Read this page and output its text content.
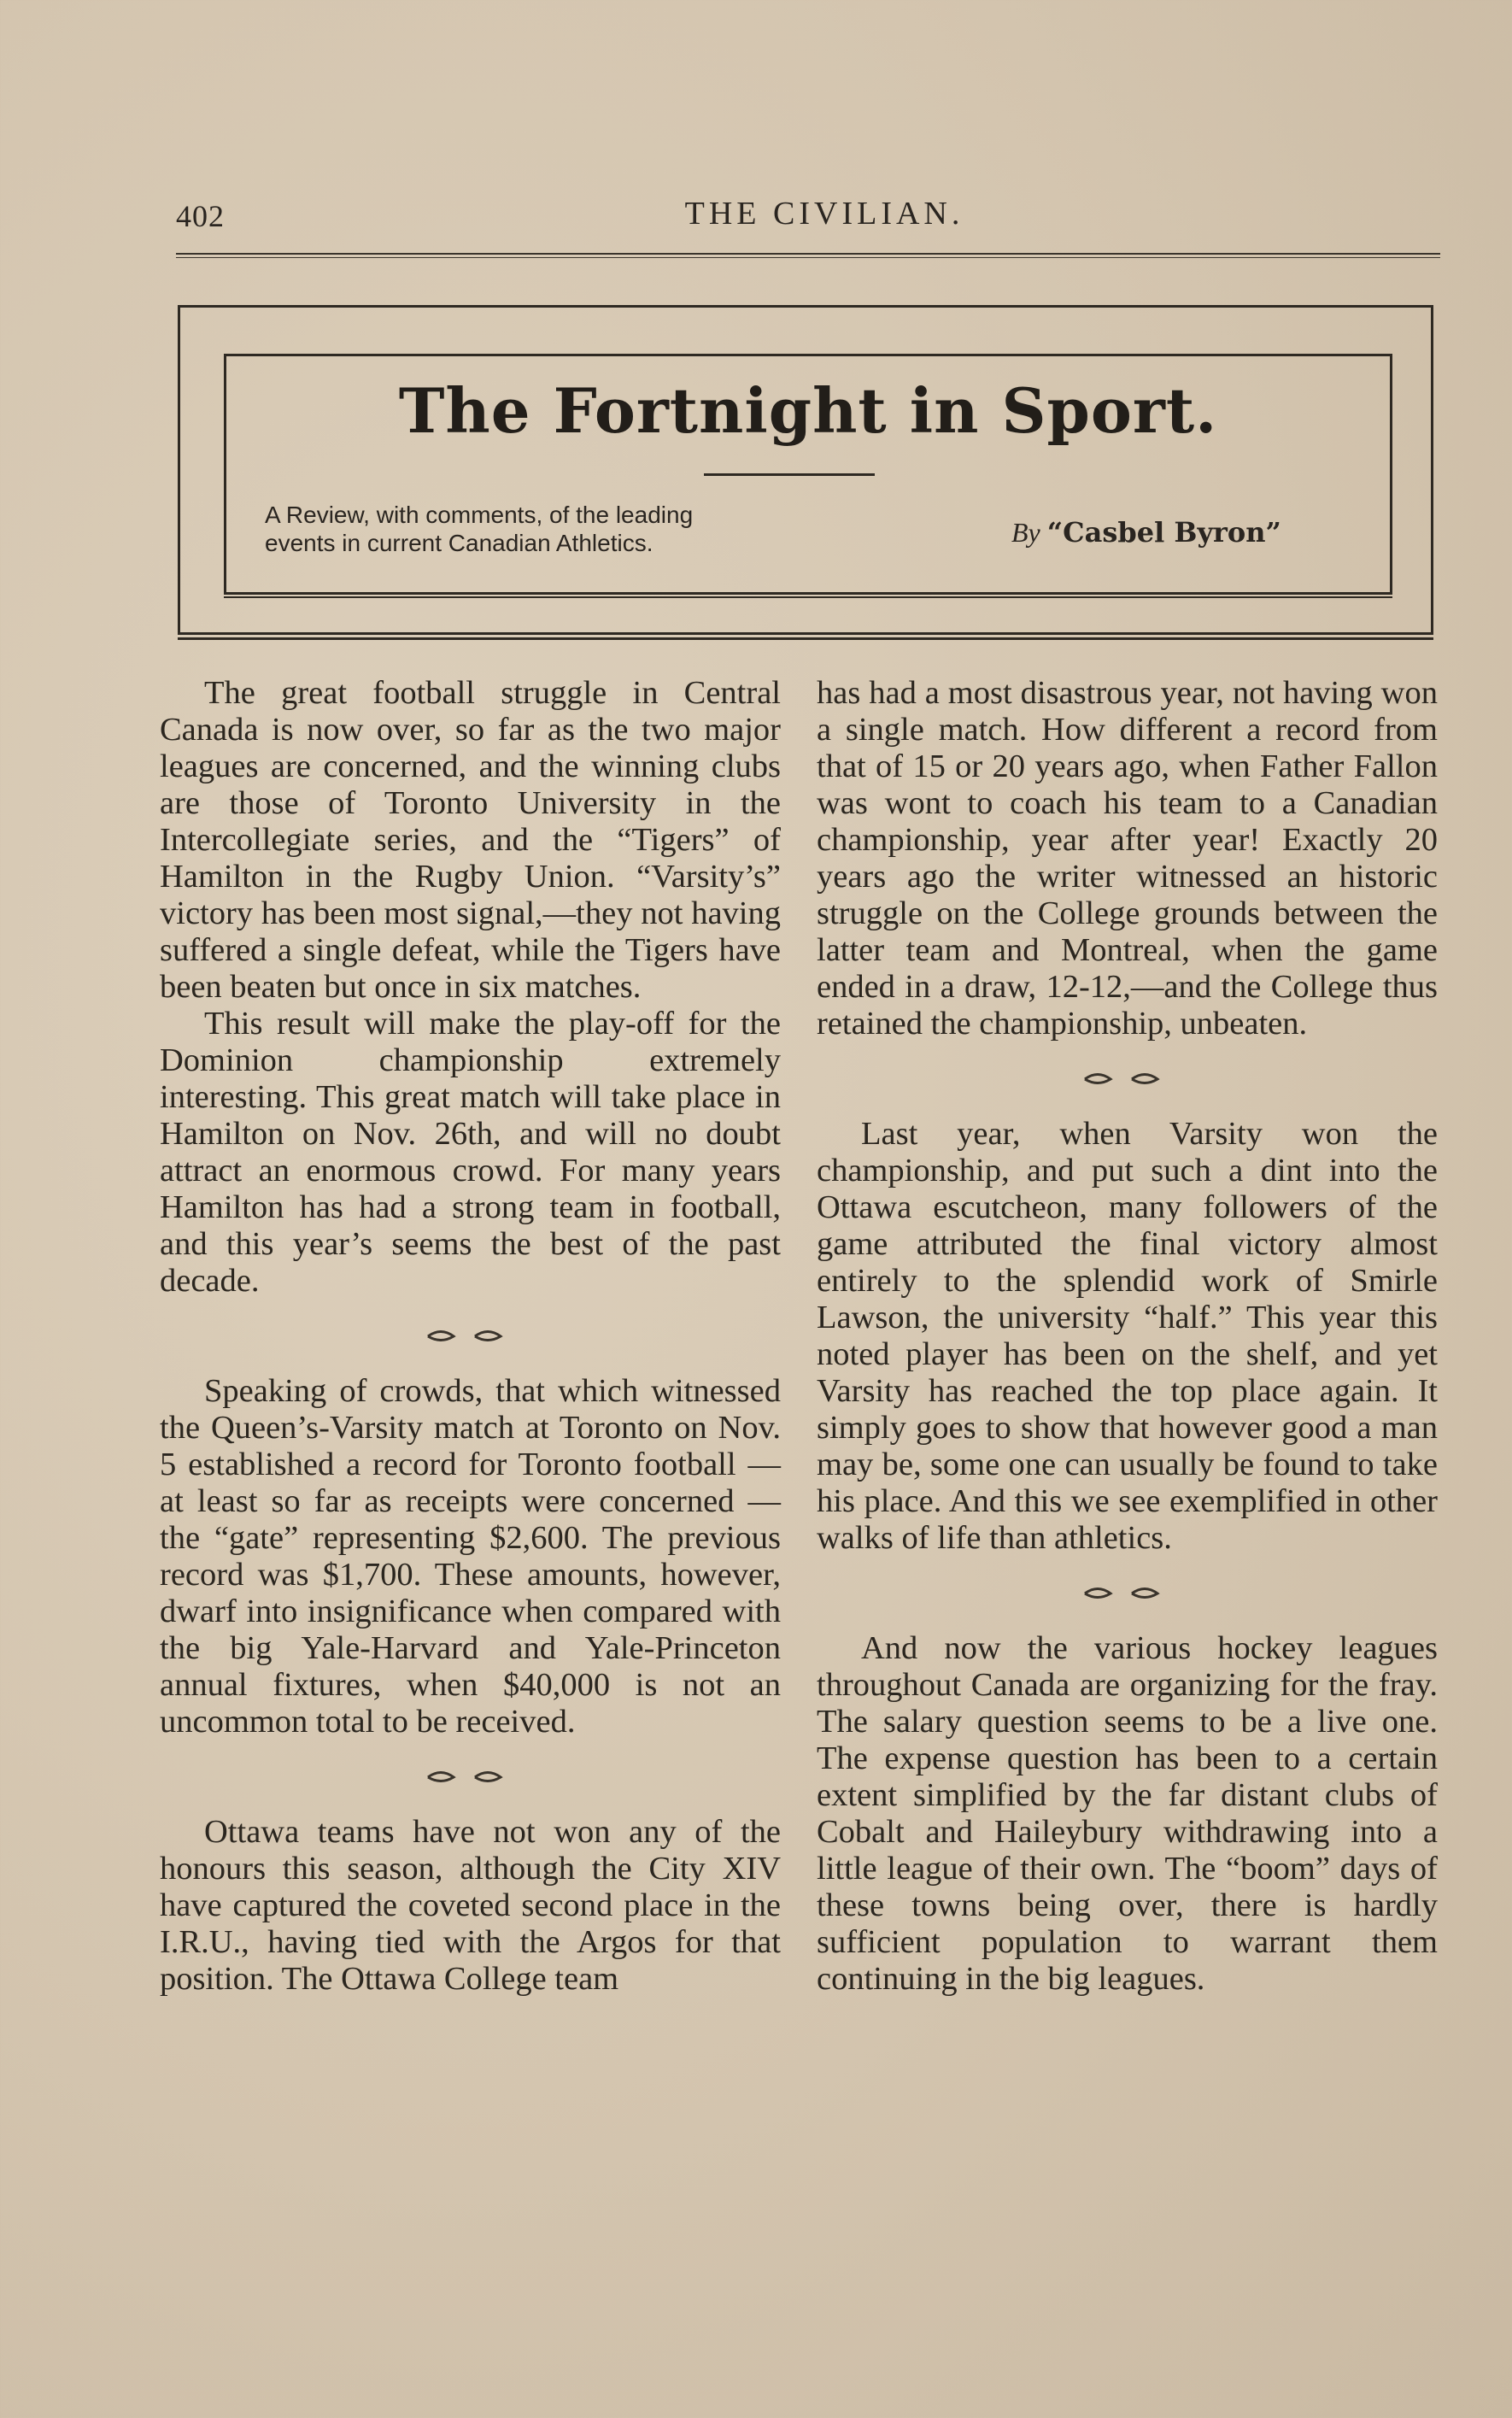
402	THE CIVILIAN.
The Fortnight in Sport.
A Review, with comments, of the leading
events in current Canadian Athletics.	By “Casbel Byron”

The great football struggle in Central Canada is now over, so far as the two major leagues are concerned, and the winning clubs are those of Toronto University in the Intercollegiate series, and the “Tigers” of Hamilton in the Rugby Union. “Varsity’s” victory has been most signal,—they not having suffered a single defeat, while the Tigers have been beaten but once in six matches.

This result will make the play-off for the Dominion championship extremely interesting. This great match will take place in Hamilton on Nov. 26th, and will no doubt attract an enormous crowd. For many years Hamilton has had a strong team in football, and this year’s seems the best of the past decade.

Speaking of crowds, that which witnessed the Queen’s-Varsity match at Toronto on Nov. 5 established a record for Toronto football — at least so far as receipts were concerned — the “gate” representing $2,600. The previous record was $1,700. These amounts, however, dwarf into insignificance when compared with the big Yale-Harvard and Yale-Princeton annual fixtures, when $40,000 is not an uncommon total to be received.

Ottawa teams have not won any of the honours this season, although the City XIV have captured the coveted second place in the I.R.U., having tied with the Argos for that position. The Ottawa College team

has had a most disastrous year, not having won a single match. How different a record from that of 15 or 20 years ago, when Father Fallon was wont to coach his team to a Canadian championship, year after year! Exactly 20 years ago the writer witnessed an historic struggle on the College grounds between the latter team and Montreal, when the game ended in a draw, 12-12,—and the College thus retained the championship, unbeaten.

Last year, when Varsity won the championship, and put such a dint into the Ottawa escutcheon, many followers of the game attributed the final victory almost entirely to the splendid work of Smirle Lawson, the university “half.” This year this noted player has been on the shelf, and yet Varsity has reached the top place again. It simply goes to show that however good a man may be, some one can usually be found to take his place. And this we see exemplified in other walks of life than athletics.

And now the various hockey leagues throughout Canada are organizing for the fray. The salary question seems to be a live one. The expense question has been to a certain extent simplified by the far distant clubs of Cobalt and Haileybury withdrawing into a little league of their own. The “boom” days of these towns being over, there is hardly sufficient population to warrant them continuing in the big leagues.
